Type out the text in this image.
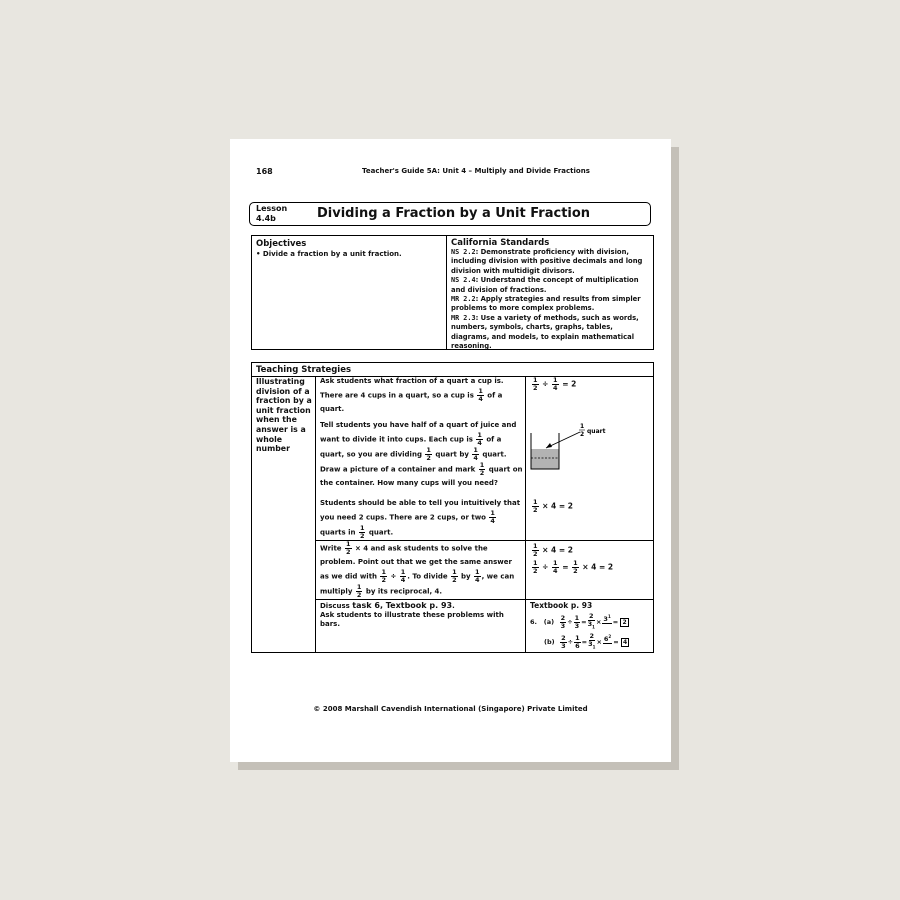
168	Teacher's Guide 5A: Unit 4 – Multiply and Divide Fractions
Lesson
4.4b	Dividing a Fraction by a Unit Fraction
Objectives
• Divide a fraction by a unit fraction.
California Standards

NS 2.2: Demonstrate proficiency with division, including division with positive decimals and long division with multidigit divisors.

NS 2.4: Understand the concept of multiplication and division of fractions.

MR 2.2: Apply strategies and results from simpler problems to more complex problems.

MR 2.3: Use a variety of methods, such as words, numbers, symbols, charts, graphs, tables, diagrams, and models, to explain mathematical reasoning.

Teaching Strategies
Illustrating division of a fraction by a unit fraction when the answer is a whole number
Ask students what fraction of a quart a cup is. There are 4 cups in a quart, so a cup is $\frac{1}{4}$ of a quart.
Tell students you have half of a quart of juice and want to divide it into cups. Each cup is $\frac{1}{4}$ of a quart, so you are dividing $\frac{1}{2}$ quart by $\frac{1}{4}$ quart. Draw a picture of a container and mark $\frac{1}{2}$ quart on the container. How many cups will you need?
Students should be able to tell you intuitively that you need 2 cups. There are 2 cups, or two $\frac{1}{4}$
quarts in $\frac{1}{2}$ quart.
$\frac{1}{2} \div \frac{1}{4} = 2$
1
2 quart
$\frac{1}{2} \times 4 = 2$
Write $\frac{1}{2} \times 4$ and ask students to solve the problem. Point out that we get the same answer as we did with $\frac{1}{2} \div \frac{1}{4}$ . To divide $\frac{1}{2}$ by $\frac{1}{4}$ , we can multiply $\frac{1}{2}$ by its reciprocal, 4.
$\frac{1}{2} \times 4 = 2$
$\frac{1}{2} \div \frac{1}{4} = \frac{1}{2} \times 4 = 2$
Discuss task 6, Textbook p. 93.
Ask students to illustrate these problems with bars.
Textbook p. 93
6. $(a) \frac{2}{3} \div \frac{1}{3} = \frac{2}{3_1} \times 3^1$

= 2
$(b) \frac{2}{3} \div \frac{1}{6} = \frac{2}{3_1} \times 6^2$

= 4
© 2008 Marshall Cavendish International (Singapore) Private Limited
